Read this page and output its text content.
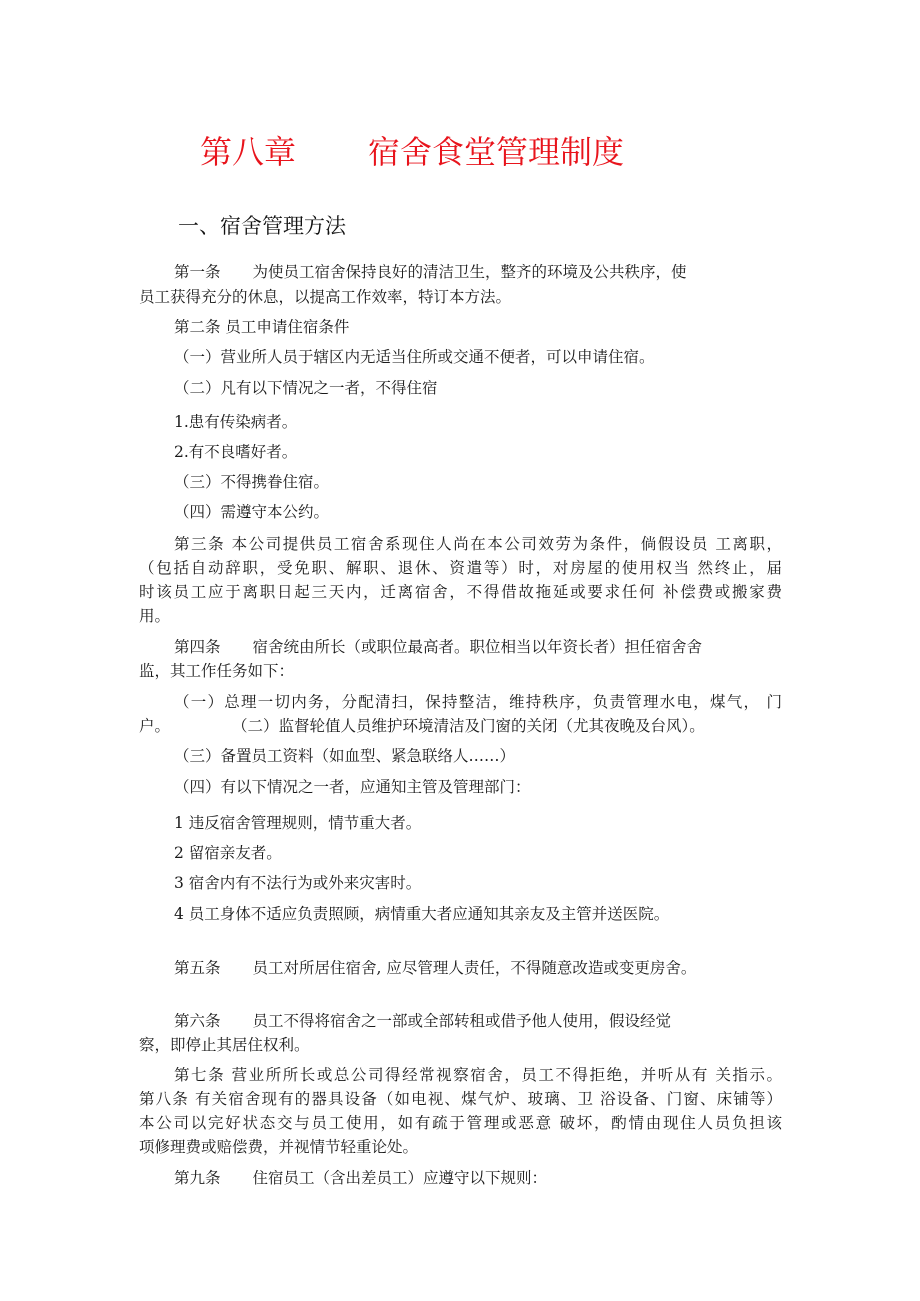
第八章 宿舍食堂管理制度
一、宿舍管理方法
第一条 为使员工宿舍保持良好的清洁卫生，整齐的环境及公共秩序，使
员工获得充分的休息，以提高工作效率，特订本方法。
第二条 员工申请住宿条件
（一）营业所人员于辖区内无适当住所或交通不便者，可以申请住宿。
（二）凡有以下情况之一者，不得住宿
1.患有传染病者。
2.有不良嗜好者。
（三）不得携眷住宿。
（四）需遵守本公约。
第三条 本公司提供员工宿舍系现住人尚在本公司效劳为条件，倘假设员 工离职，
（包括自动辞职，受免职、解职、退休、资遣等）时，对房屋的使用权当 然终止，届
时该员工应于离职日起三天内，迁离宿舍，不得借故拖延或要求任何 补偿费或搬家费
用。
第四条 宿舍统由所长（或职位最高者。职位相当以年资长者）担任宿舍舍
监，其工作任务如下：
（一）总理一切内务，分配清扫，保持整洁，维持秩序，负责管理水电，煤气， 门
户。	（二）监督轮值人员维护环境清洁及门窗的关闭（尤其夜晚及台风）。
（三）备置员工资料（如血型、紧急联络人……）
（四）有以下情况之一者，应通知主管及管理部门：
1 违反宿舍管理规则，情节重大者。
2 留宿亲友者。
3 宿舍内有不法行为或外来灾害时。
4 员工身体不适应负责照顾，病情重大者应通知其亲友及主管并送医院。
第五条 员工对所居住宿舍, 应尽管理人责任，不得随意改造或变更房舍。
第六条 员工不得将宿舍之一部或全部转租或借予他人使用，假设经觉
察，即停止其居住权利。
第七条 营业所所长或总公司得经常视察宿舍，员工不得拒绝，并听从有 关指示。
第八条 有关宿舍现有的器具设备（如电视、煤气炉、玻璃、卫 浴设备、门窗、床铺等）
本公司以完好状态交与员工使用，如有疏于管理或恶意 破坏，酌情由现住人员负担该
项修理费或赔偿费，并视情节轻重论处。
第九条 住宿员工（含出差员工）应遵守以下规则：
